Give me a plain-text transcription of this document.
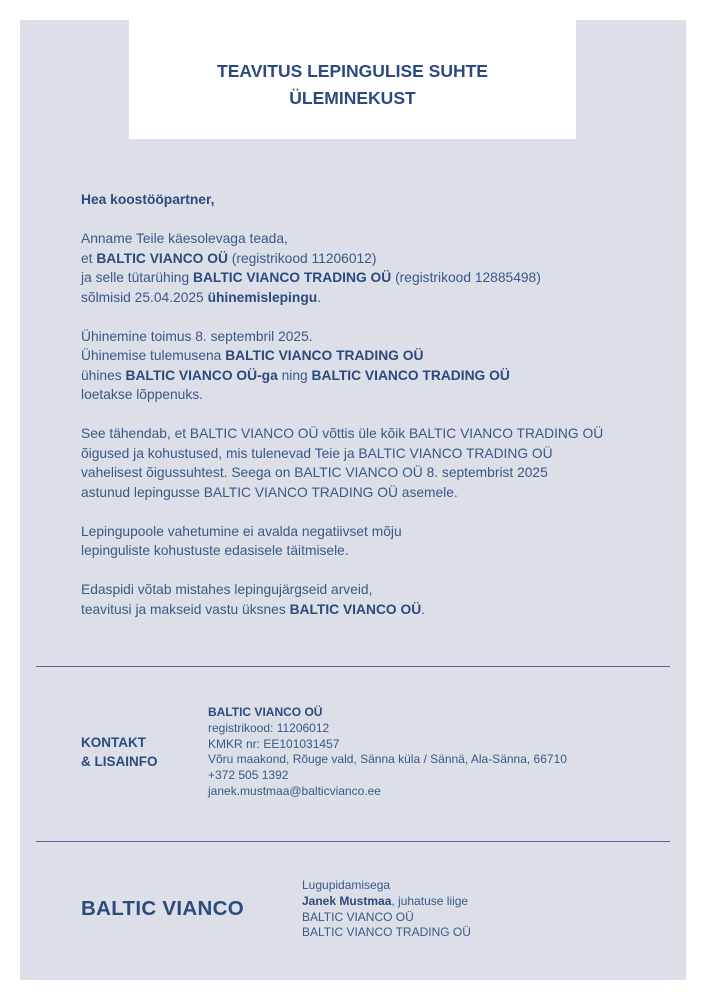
TEAVITUS LEPINGULISE SUHTE
ÜLEMINEKUST

Hea koostööpartner,

Anname Teile käesolevaga teada,
et BALTIC VIANCO OÜ (registrikood 11206012)
ja selle tütarühing BALTIC VIANCO TRADING OÜ (registrikood 12885498)
sõlmisid 25.04.2025 ühinemislepingu.

Ühinemine toimus 8. septembril 2025.
Ühinemise tulemusena BALTIC VIANCO TRADING OÜ
ühines BALTIC VIANCO OÜ-ga ning BALTIC VIANCO TRADING OÜ
loetakse lõppenuks.

See tähendab, et BALTIC VIANCO OÜ võttis üle kõik BALTIC VIANCO TRADING OÜ
õigused ja kohustused, mis tulenevad Teie ja BALTIC VIANCO TRADING OÜ
vahelisest õigussuhtest. Seega on BALTIC VIANCO OÜ 8. septembrist 2025
astunud lepingusse BALTIC VIANCO TRADING OÜ asemele.

Lepingupoole vahetumine ei avalda negatiivset mõju
lepinguliste kohustuste edasisele täitmisele.

Edaspidi võtab mistahes lepingujärgseid arveid,
teavitusi ja makseid vastu üksnes BALTIC VIANCO OÜ.

KONTAKT
& LISAINFO
BALTIC VIANCO OÜ
registrikood: 11206012
KMKR nr: EE101031457
Võru maakond, Rõuge vald, Sänna küla / Sännä, Ala-Sänna, 66710
+372 505 1392
janek.mustmaa@balticvianco.ee
BALTIC VIANCO
Lugupidamisega
Janek Mustmaa, juhatuse liige
BALTIC VIANCO OÜ
BALTIC VIANCO TRADING OÜ
